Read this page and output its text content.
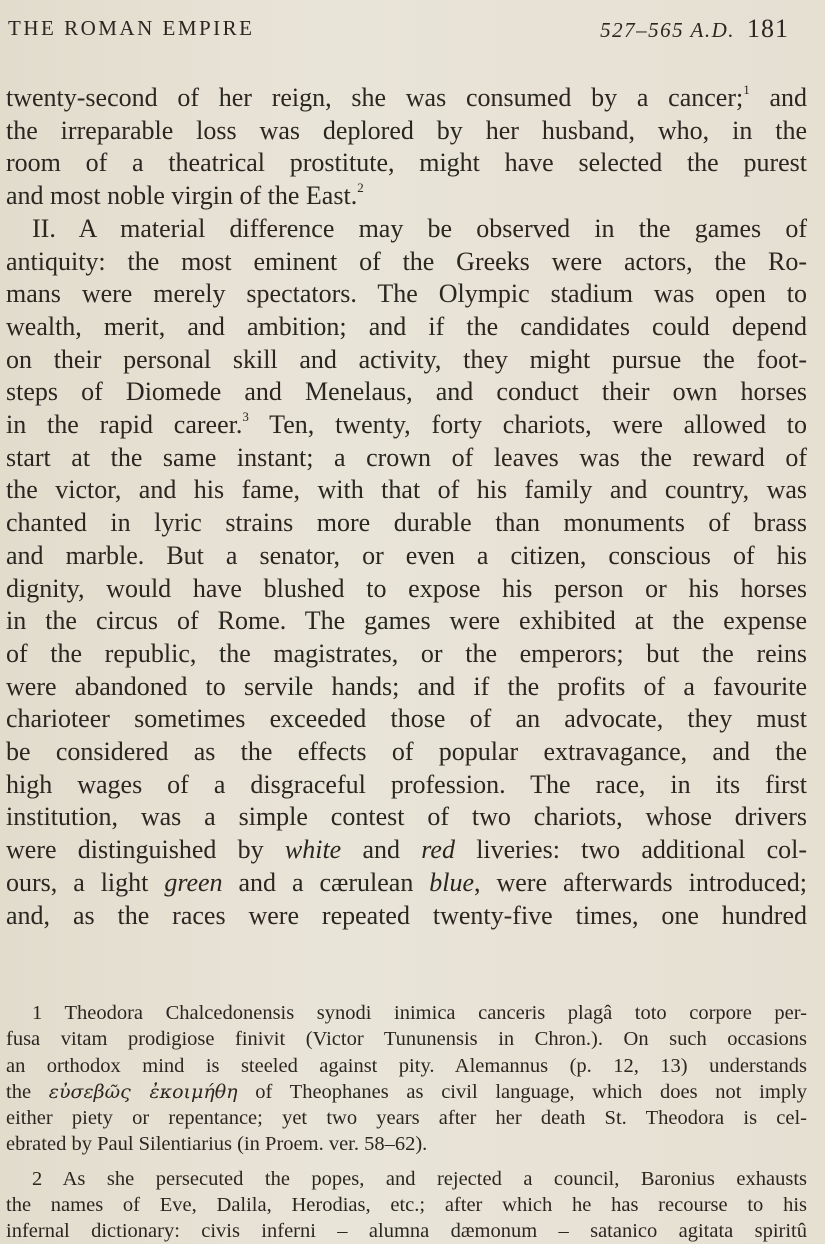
THE ROMAN EMPIRE	527–565 A.D. 181
twenty-second of her reign, she was consumed by a cancer;$^1$ and
the irreparable loss was deplored by her husband, who, in the
room of a theatrical prostitute, might have selected the purest
and most noble virgin of the East.$^2$
II. A material difference may be observed in the games of
antiquity: the most eminent of the Greeks were actors, the Ro-
mans were merely spectators. The Olympic stadium was open to
wealth, merit, and ambition; and if the candidates could depend
on their personal skill and activity, they might pursue the foot-
steps of Diomede and Menelaus, and conduct their own horses
in the rapid career.$^3$ Ten, twenty, forty chariots, were allowed to
start at the same instant; a crown of leaves was the reward of
the victor, and his fame, with that of his family and country, was
chanted in lyric strains more durable than monuments of brass
and marble. But a senator, or even a citizen, conscious of his
dignity, would have blushed to expose his person or his horses
in the circus of Rome. The games were exhibited at the expense
of the republic, the magistrates, or the emperors; but the reins
were abandoned to servile hands; and if the profits of a favourite
charioteer sometimes exceeded those of an advocate, they must
be considered as the effects of popular extravagance, and the
high wages of a disgraceful profession. The race, in its first
institution, was a simple contest of two chariots, whose drivers
were distinguished by white and red liveries: two additional col-
ours, a light green and a cærulean blue, were afterwards introduced;
and, as the races were repeated twenty-five times, one hundred
1 Theodora Chalcedonensis synodi inimica canceris plagâ toto corpore per-
fusa vitam prodigiose finivit (Victor Tununensis in Chron.). On such occasions
an orthodox mind is steeled against pity. Alemannus (p. 12, 13) understands
the εὐσεβῶς ἐκοιμήθη of Theophanes as civil language, which does not imply
either piety or repentance; yet two years after her death St. Theodora is cel-
ebrated by Paul Silentiarius (in Proem. ver. 58–62).
2 As she persecuted the popes, and rejected a council, Baronius exhausts
the names of Eve, Dalila, Herodias, etc.; after which he has recourse to his
infernal dictionary: civis inferni – alumna dæmonum – satanico agitata spiritû
